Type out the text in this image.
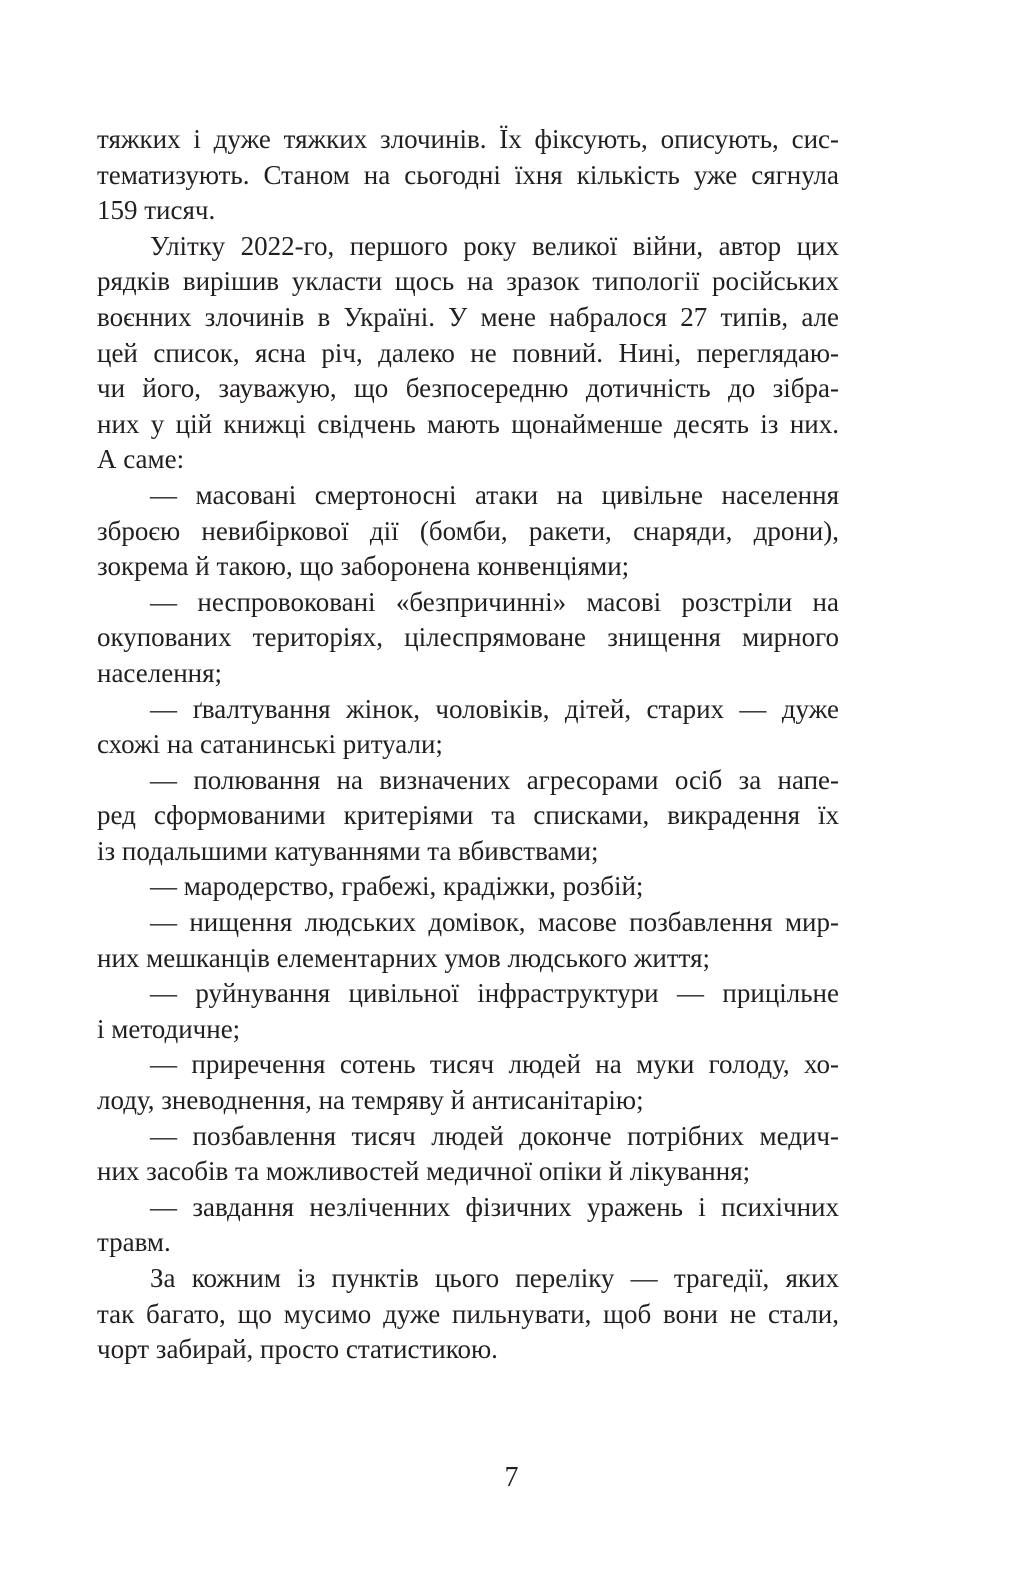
тяжких і дуже тяжких злочинів. Їх фіксують, описують, сис-
тематизують. Станом на сьогодні їхня кількість уже сягнула
159 тисяч.
Улітку 2022-го, першого року великої війни, автор цих
рядків вирішив укласти щось на зразок типології російських
воєнних злочинів в Україні. У мене набралося 27 типів, але
цей список, ясна річ, далеко не повний. Нині, переглядаю-
чи його, зауважую, що безпосередню дотичність до зібра-
них у цій книжці свідчень мають щонайменше десять із них.
А саме:
— масовані смертоносні атаки на цивільне населення
зброєю невибіркової дії (бомби, ракети, снаряди, дрони),
зокрема й такою, що заборонена конвенціями;
— неспровоковані «безпричинні» масові розстріли на
окупованих територіях, цілеспрямоване знищення мирного
населення;
— ґвалтування жінок, чоловіків, дітей, старих — дуже
схожі на сатанинські ритуали;
— полювання на визначених агресорами осіб за напе-
ред сформованими критеріями та списками, викрадення їх
із подальшими катуваннями та вбивствами;
— мародерство, грабежі, крадіжки, розбій;
— нищення людських домівок, масове позбавлення мир-
них мешканців елементарних умов людського життя;
— руйнування цивільної інфраструктури — прицільне
і методичне;
— приречення сотень тисяч людей на муки голоду, хо-
лоду, зневоднення, на темряву й антисанітарію;
— позбавлення тисяч людей доконче потрібних медич-
них засобів та можливостей медичної опіки й лікування;
— завдання незліченних фізичних уражень і психічних
травм.
За кожним із пунктів цього переліку — трагедії, яких
так багато, що мусимо дуже пильнувати, щоб вони не стали,
чорт забирай, просто статистикою.
7
